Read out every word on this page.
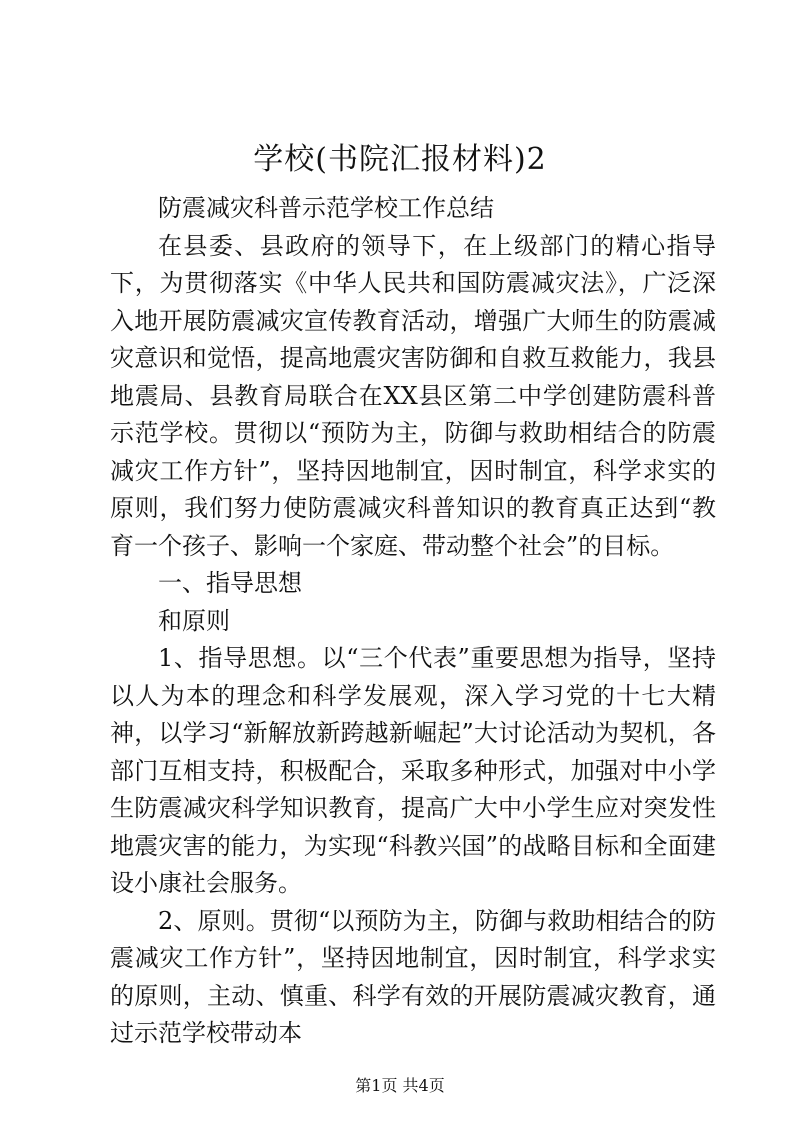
学校(书院汇报材料)2

防震减灾科普示范学校工作总结

在县委、县政府的领导下，在上级部门的精心指导下，为贯彻落实《中华人民共和国防震减灾法》，广泛深入地开展防震减灾宣传教育活动，增强广大师生的防震减灾意识和觉悟，提高地震灾害防御和自救互救能力，我县地震局、县教育局联合在XX县区第二中学创建防震科普示范学校。贯彻以“预防为主，防御与救助相结合的防震减灾工作方针”，坚持因地制宜，因时制宜，科学求实的原则，我们努力使防震减灾科普知识的教育真正达到“教育一个孩子、影响一个家庭、带动整个社会”的目标。

一、指导思想

和原则

1、指导思想。以“三个代表”重要思想为指导，坚持以人为本的理念和科学发展观，深入学习党的十七大精神，以学习“新解放新跨越新崛起”大讨论活动为契机，各部门互相支持，积极配合，采取多种形式，加强对中小学生防震减灾科学知识教育，提高广大中小学生应对突发性地震灾害的能力，为实现“科教兴国”的战略目标和全面建设小康社会服务。

2、原则。贯彻“以预防为主，防御与救助相结合的防震减灾工作方针”，坚持因地制宜，因时制宜，科学求实的原则，主动、慎重、科学有效的开展防震减灾教育，通过示范学校带动本

第1页 共4页
